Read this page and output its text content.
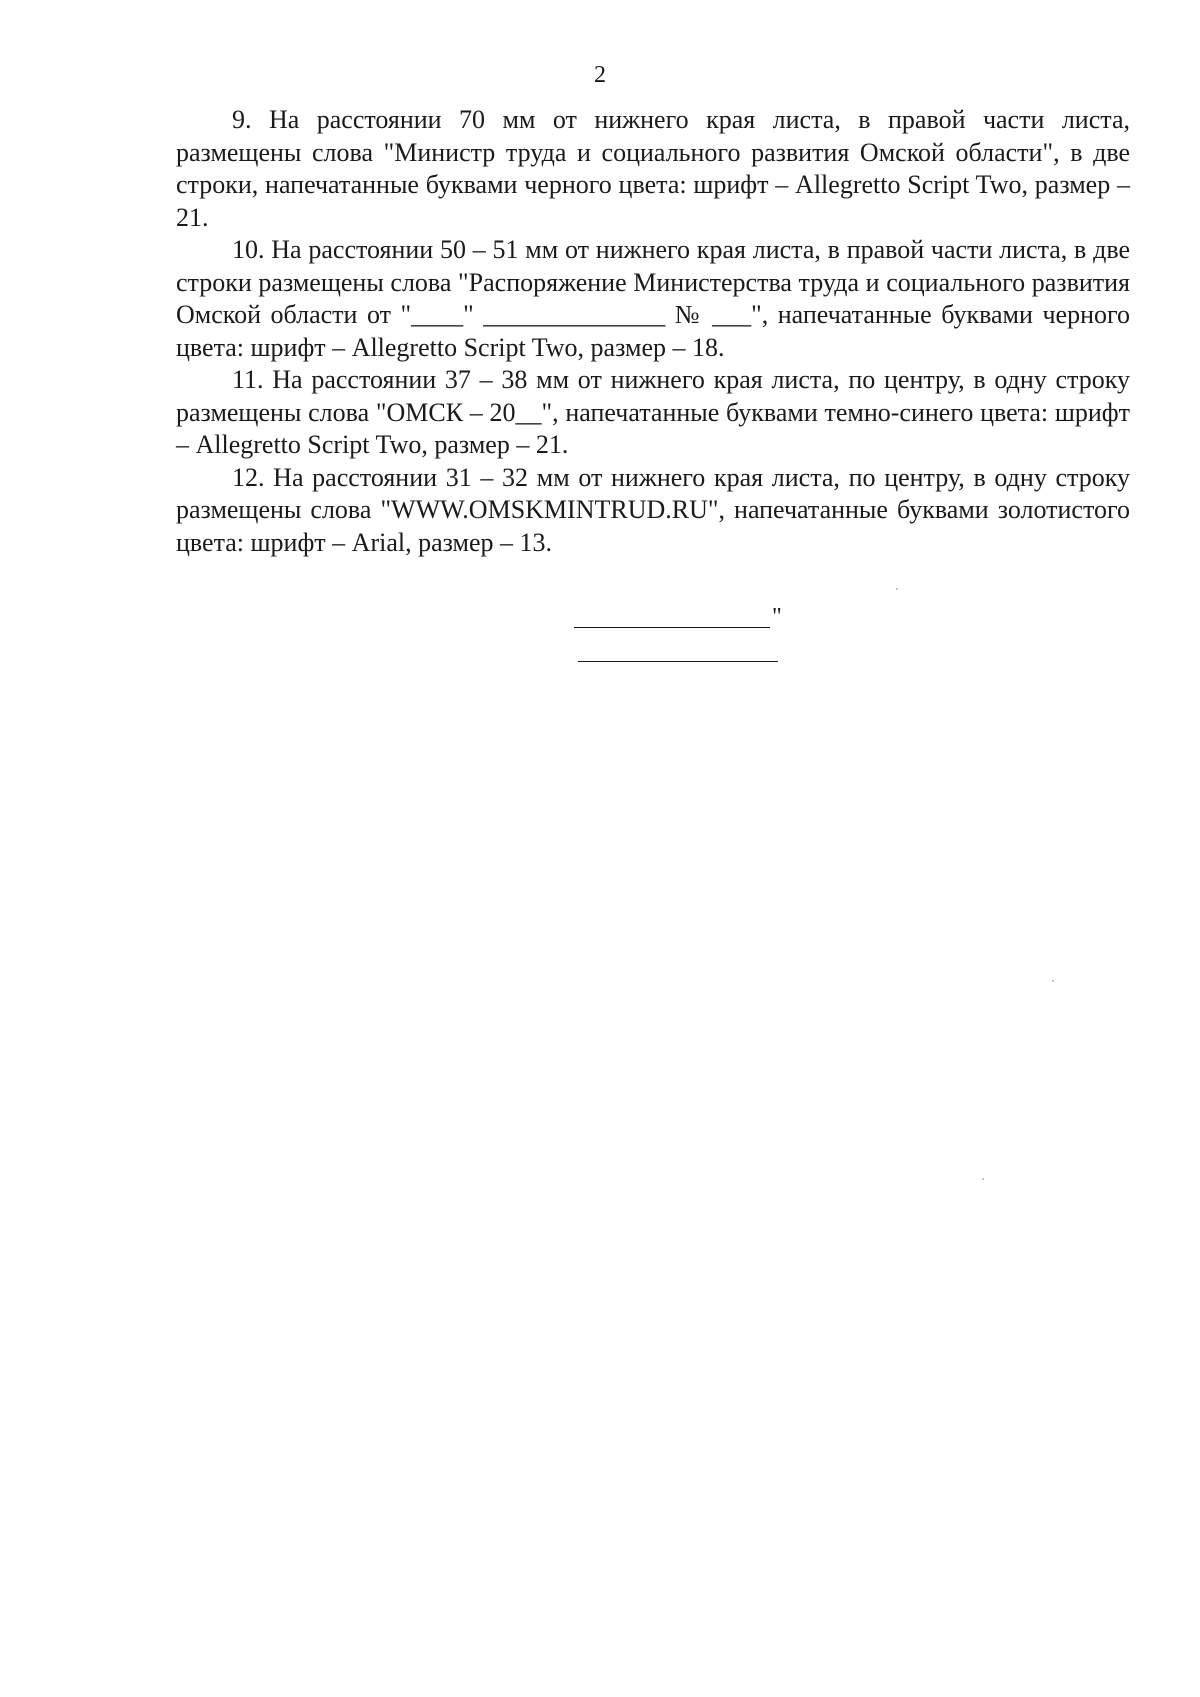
2

9. На расстоянии 70 мм от нижнего края листа, в правой части листа, размещены слова "Министр труда и социального развития Омской области", в две строки, напечатанные буквами черного цвета: шрифт – Allegretto Script Two, размер – 21.

10. На расстоянии 50 – 51 мм от нижнего края листа, в правой части листа, в две строки размещены слова "Распоряжение Министерства труда и социального развития Омской области от "____" ______________ № ___", напечатанные буквами черного цвета: шрифт – Allegretto Script Two, размер – 18.

11. На расстоянии 37 – 38 мм от нижнего края листа, по центру, в одну строку размещены слова "ОМСК – 20__", напечатанные буквами темно-синего цвета: шрифт – Allegretto Script Two, размер – 21.

12. На расстоянии 31 – 32 мм от нижнего края листа, по центру, в одну строку размещены слова "WWW.OMSKMINTRUD.RU", напечатанные буквами золотистого цвета: шрифт – Arial, размер – 13.

"
